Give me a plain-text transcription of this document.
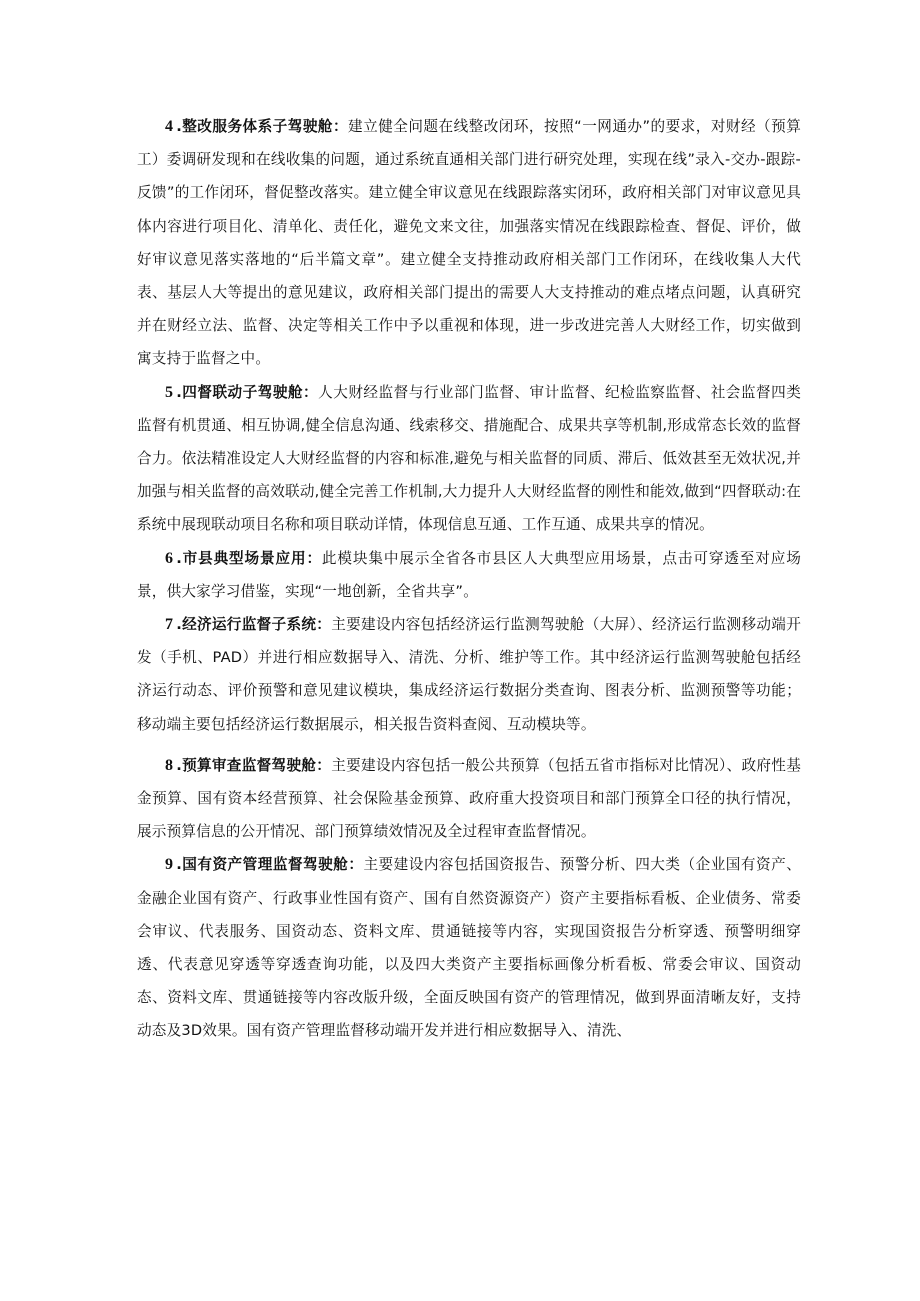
4 .整改服务体系子驾驶舱：建立健全问题在线整改闭环，按照“一网通办”的要求，对财经（预算工）委调研发现和在线收集的问题，通过系统直通相关部门进行研究处理，实现在线”录入-交办-跟踪-反馈”的工作闭环，督促整改落实。建立健全审议意见在线跟踪落实闭环，政府相关部门对审议意见具体内容进行项目化、清单化、责任化，避免文来文往，加强落实情况在线跟踪检查、督促、评价，做好审议意见落实落地的“后半篇文章”。建立健全支持推动政府相关部门工作闭环，在线收集人大代表、基层人大等提出的意见建议，政府相关部门提出的需要人大支持推动的难点堵点问题，认真研究并在财经立法、监督、决定等相关工作中予以重视和体现，进一步改进完善人大财经工作，切实做到寓支持于监督之中。

5 .四督联动子驾驶舱：人大财经监督与行业部门监督、审计监督、纪检监察监督、社会监督四类监督有机贯通、相互协调,健全信息沟通、线索移交、措施配合、成果共享等机制,形成常态长效的监督合力。依法精准设定人大财经监督的内容和标准,避免与相关监督的同质、滞后、低效甚至无效状况,并加强与相关监督的高效联动,健全完善工作机制,大力提升人大财经监督的刚性和能效,做到“四督联动:在系统中展现联动项目名称和项目联动详情，体现信息互通、工作互通、成果共享的情况。

6 .市县典型场景应用：此模块集中展示全省各市县区人大典型应用场景，点击可穿透至对应场景，供大家学习借鉴，实现“一地创新，全省共享”。

7 .经济运行监督子系统：主要建设内容包括经济运行监测驾驶舱（大屏）、经济运行监测移动端开发（手机、PAD）并进行相应数据导入、清洗、分析、维护等工作。其中经济运行监测驾驶舱包括经济运行动态、评价预警和意见建议模块，集成经济运行数据分类查询、图表分析、监测预警等功能；移动端主要包括经济运行数据展示，相关报告资料查阅、互动模块等。

8 .预算审查监督驾驶舱：主要建设内容包括一般公共预算（包括五省市指标对比情况）、政府性基金预算、国有资本经营预算、社会保险基金预算、政府重大投资项目和部门预算全口径的执行情况，展示预算信息的公开情况、部门预算绩效情况及全过程审查监督情况。

9 .国有资产管理监督驾驶舱：主要建设内容包括国资报告、预警分析、四大类（企业国有资产、金融企业国有资产、行政事业性国有资产、国有自然资源资产）资产主要指标看板、企业债务、常委会审议、代表服务、国资动态、资料文库、贯通链接等内容，实现国资报告分析穿透、预警明细穿透、代表意见穿透等穿透查询功能，以及四大类资产主要指标画像分析看板、常委会审议、国资动态、资料文库、贯通链接等内容改版升级，全面反映国有资产的管理情况，做到界面清晰友好，支持动态及3D效果。国有资产管理监督移动端开发并进行相应数据导入、清洗、
